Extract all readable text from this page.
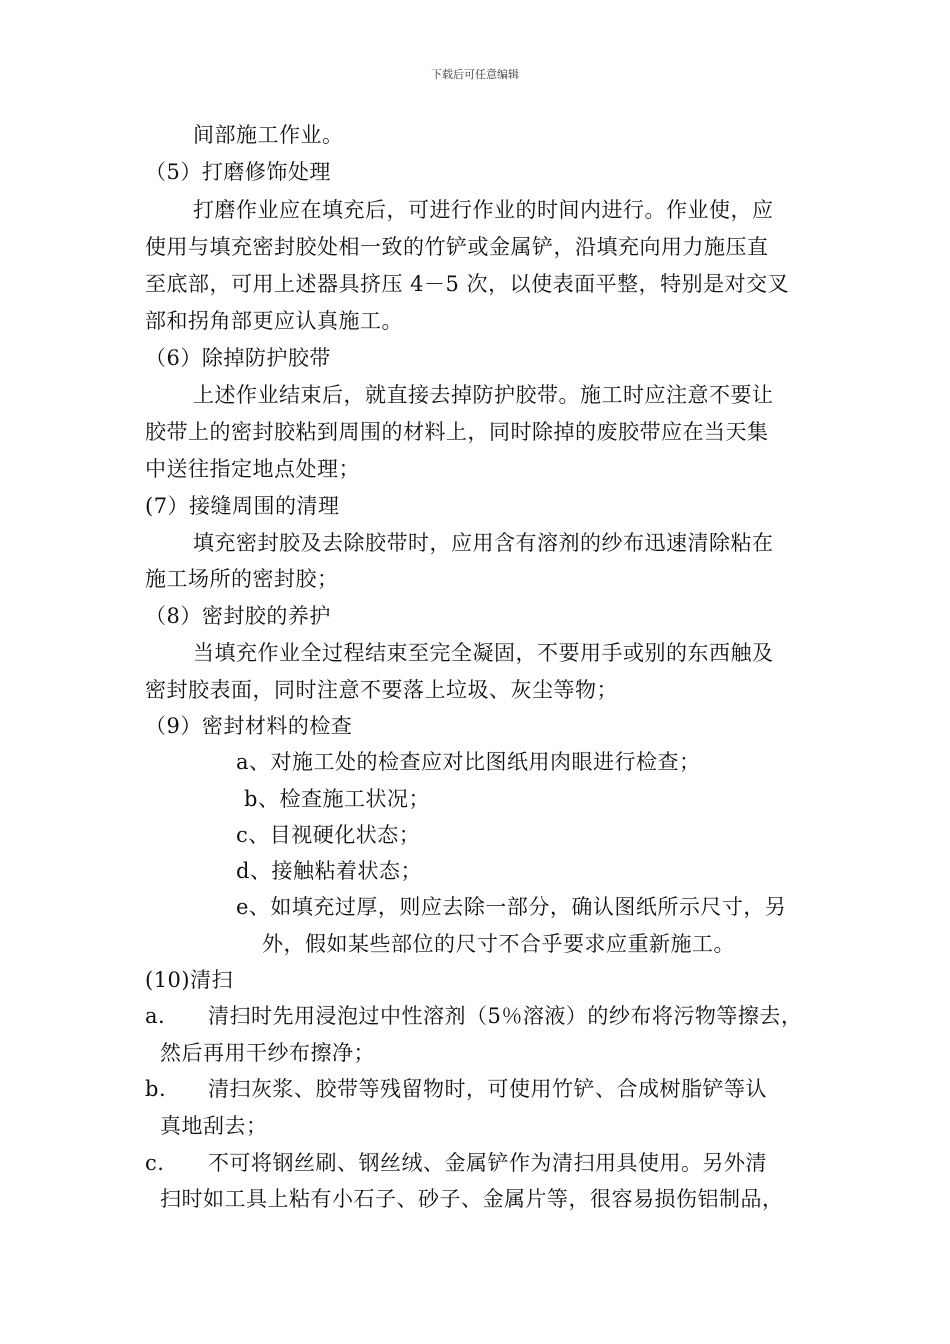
下载后可任意编辑
间部施工作业。
（5）打磨修饰处理
打磨作业应在填充后，可进行作业的时间内进行。作业使，应
使用与填充密封胶处相一致的竹铲或金属铲，沿填充向用力施压直
至底部，可用上述器具挤压 4－5 次，以使表面平整，特别是对交叉
部和拐角部更应认真施工。
（6）除掉防护胶带
上述作业结束后，就直接去掉防护胶带。施工时应注意不要让
胶带上的密封胶粘到周围的材料上，同时除掉的废胶带应在当天集
中送往指定地点处理；
(7）接缝周围的清理
填充密封胶及去除胶带时，应用含有溶剂的纱布迅速清除粘在
施工场所的密封胶；
（8）密封胶的养护
当填充作业全过程结束至完全凝固，不要用手或别的东西触及
密封胶表面，同时注意不要落上垃圾、灰尘等物；
（9）密封材料的检查
a、对施工处的检查应对比图纸用肉眼进行检查；
b、检查施工状况；
c、目视硬化状态；
d、接触粘着状态；
e、如填充过厚，则应去除一部分，确认图纸所示尺寸，另
外，假如某些部位的尺寸不合乎要求应重新施工。
(10)清扫
a. 清扫时先用浸泡过中性溶剂（5％溶液）的纱布将污物等擦去，
然后再用干纱布擦净；
b. 清扫灰浆、胶带等残留物时，可使用竹铲、合成树脂铲等认
真地刮去；
c. 不可将钢丝刷、钢丝绒、金属铲作为清扫用具使用。另外清
扫时如工具上粘有小石子、砂子、金属片等，很容易损伤铝制品，
